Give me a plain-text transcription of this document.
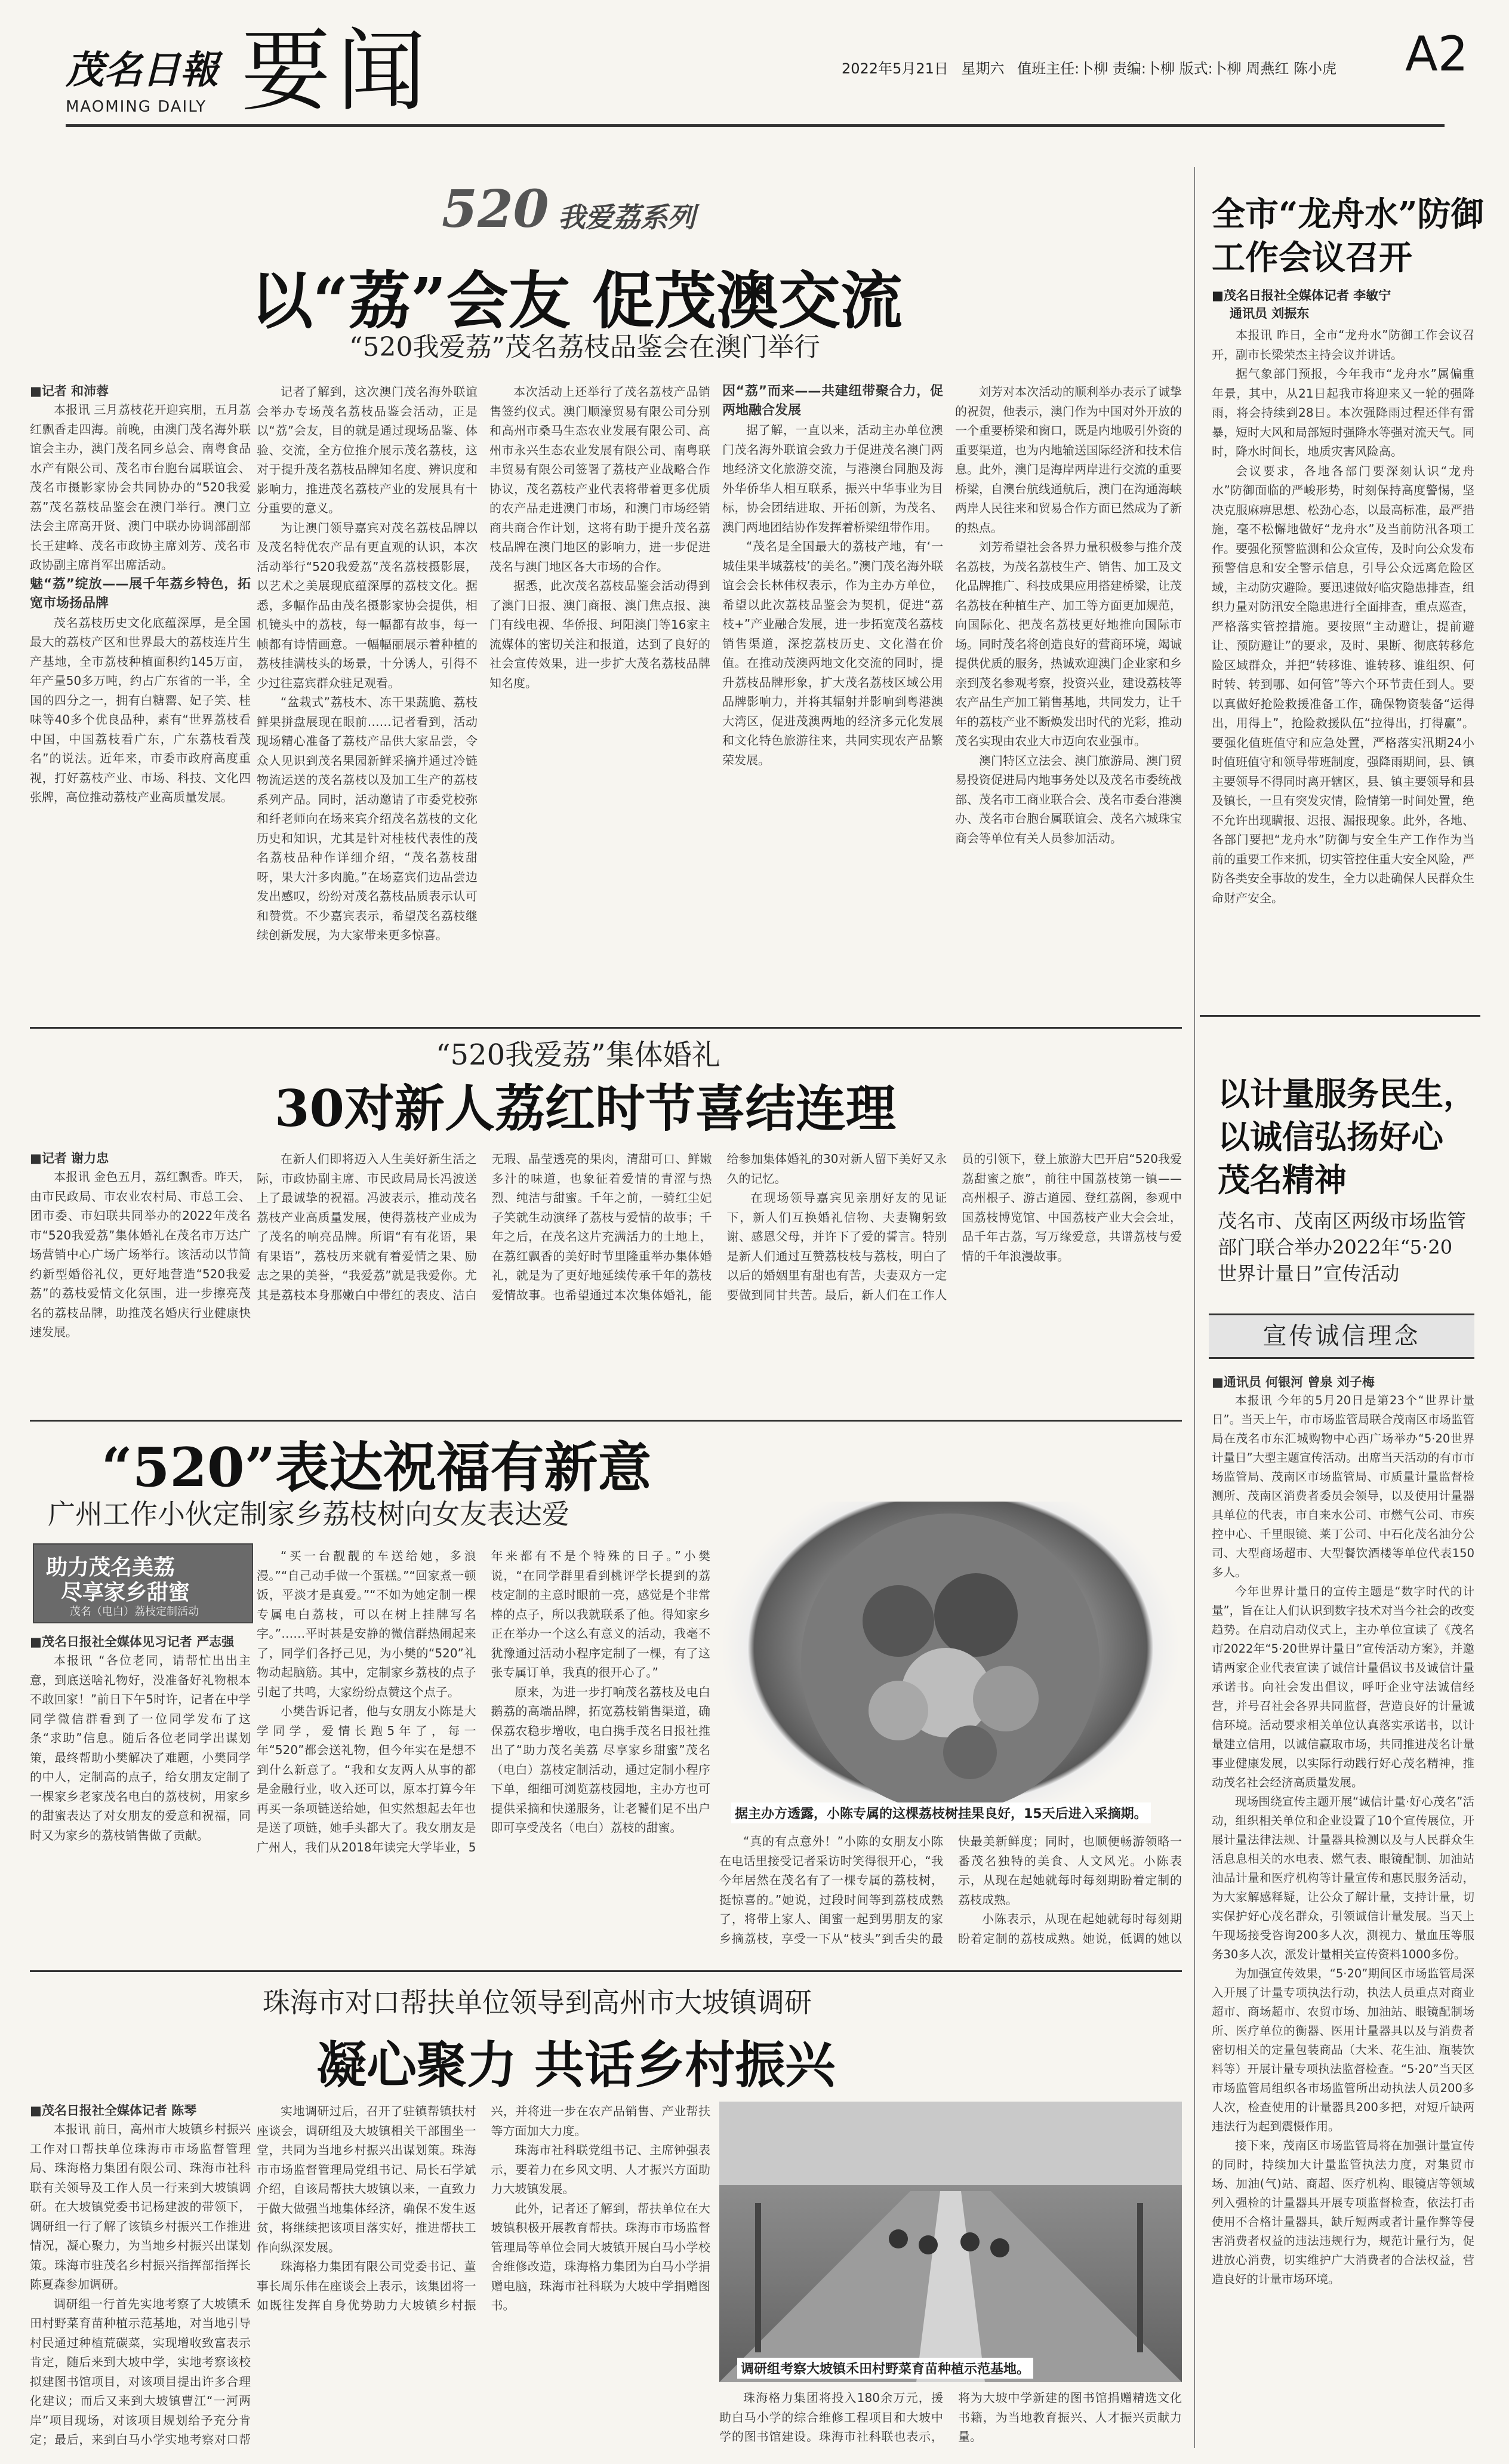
茂名日報
MAOMING DAILY 要闻	2022年5月21日 星期六 值班主任:卜柳 责编:卜柳 版式:卜柳 周燕红 陈小虎 A2
520 我爱荔系列
以“荔”会友 促茂澳交流
“520我爱荔”茂名荔枝品鉴会在澳门举行

■记者 和沛蓉

本报讯 三月荔枝花开迎宾朋，五月荔红飘香走四海。前晚，由澳门茂名海外联谊会主办，澳门茂名同乡总会、南粤食品水产有限公司、茂名市台胞台属联谊会、茂名市摄影家协会共同协办的“520我爱荔”茂名荔枝品鉴会在澳门举行。澳门立法会主席高开贤、澳门中联办协调部副部长王建峰、茂名市政协主席刘芳、茂名市政协副主席肖军出席活动。

魅“荔”绽放——展千年荔乡特色，拓宽市场扬品牌

茂名荔枝历史文化底蕴深厚，是全国最大的荔枝产区和世界最大的荔枝连片生产基地，全市荔枝种植面积约145万亩，年产量50多万吨，约占广东省的一半，全国的四分之一，拥有白糖罂、妃子笑、桂味等40多个优良品种，素有“世界荔枝看中国，中国荔枝看广东，广东荔枝看茂名”的说法。近年来，市委市政府高度重视，打好荔枝产业、市场、科技、文化四张牌，高位推动荔枝产业高质量发展。

记者了解到，这次澳门茂名海外联谊会举办专场茂名荔枝品鉴会活动，正是以“荔”会友，目的就是通过现场品鉴、体验、交流，全方位推介展示茂名荔枝，这对于提升茂名荔枝品牌知名度、辨识度和影响力，推进茂名荔枝产业的发展具有十分重要的意义。

为让澳门领导嘉宾对茂名荔枝品牌以及茂名特优农产品有更直观的认识，本次活动举行“520我爱荔”茂名荔枝摄影展，以艺术之美展现底蕴深厚的荔枝文化。据悉，多幅作品由茂名摄影家协会提供，相机镜头中的荔枝，每一幅都有故事，每一帧都有诗情画意。一幅幅丽展示着种植的荔枝挂满枝头的场景，十分诱人，引得不少过往嘉宾群众驻足观看。

“盆栽式”荔枝木、冻干果蔬脆、荔枝鲜果拼盘展现在眼前……记者看到，活动现场精心准备了荔枝产品供大家品尝，令众人见识到茂名果园新鲜采摘并通过冷链物流运送的茂名荔枝以及加工生产的荔枝系列产品。同时，活动邀请了市委党校弥和纤老师向在场来宾介绍茂名荔枝的文化历史和知识，尤其是针对桂枝代表性的茂名荔枝品种作详细介绍，“茂名荔枝甜呀，果大汁多肉脆。”在场嘉宾们边品尝边发出感叹，纷纷对茂名荔枝品质表示认可和赞赏。不少嘉宾表示，希望茂名荔枝继续创新发展，为大家带来更多惊喜。

本次活动上还举行了茂名荔枝产品销售签约仪式。澳门顺濠贸易有限公司分别和高州市桑马生态农业发展有限公司、高州市永兴生态农业发展有限公司、南粤联丰贸易有限公司签署了荔枝产业战略合作协议，茂名荔枝产业代表将带着更多优质的农产品走进澳门市场，和澳门市场经销商共商合作计划，这将有助于提升茂名荔枝品牌在澳门地区的影响力，进一步促进茂名与澳门地区各大市场的合作。

据悉，此次茂名荔枝品鉴会活动得到了澳门日报、澳门商报、澳门焦点报、澳门有线电视、华侨报、珂阳澳门等16家主流媒体的密切关注和报道，达到了良好的社会宣传效果，进一步扩大茂名荔枝品牌知名度。

因“荔”而来——共建纽带聚合力，促两地融合发展

据了解，一直以来，活动主办单位澳门茂名海外联谊会致力于促进茂名澳门两地经济文化旅游交流，与港澳台同胞及海外华侨华人相互联系，振兴中华事业为目标，协会团结进取、开拓创新，为茂名、澳门两地团结协作发挥着桥梁纽带作用。

“茂名是全国最大的荔枝产地，有‘一城佳果半城荔枝’的美名。”澳门茂名海外联谊会会长林伟权表示，作为主办方单位，希望以此次荔枝品鉴会为契机，促进“荔枝+”产业融合发展，进一步拓宽茂名荔枝销售渠道，深挖荔枝历史、文化潜在价值。在推动茂澳两地文化交流的同时，提升荔枝品牌形象，扩大茂名荔枝区域公用品牌影响力，并将其辐射并影响到粤港澳大湾区，促进茂澳两地的经济多元化发展和文化特色旅游往来，共同实现农产品繁荣发展。

刘芳对本次活动的顺利举办表示了诚挚的祝贺，他表示，澳门作为中国对外开放的一个重要桥梁和窗口，既是内地吸引外资的重要渠道，也为内地输送国际经济和技术信息。此外，澳门是海岸两岸进行交流的重要桥梁，自澳台航线通航后，澳门在沟通海峡两岸人民往来和贸易合作方面已然成为了新的热点。

刘芳希望社会各界力量积极参与推介茂名荔枝，为茂名荔枝生产、销售、加工及文化品牌推广、科技成果应用搭建桥梁，让茂名荔枝在种植生产、加工等方面更加规范，向国际化、把茂名荔枝更好地推向国际市场。同时茂名将创造良好的营商环境，竭诚提供优质的服务，热诚欢迎澳门企业家和乡亲到茂名参观考察，投资兴业，建设荔枝等农产品生产加工销售基地，共同发力，让千年的荔枝产业不断焕发出时代的光彩，推动茂名实现由农业大市迈向农业强市。

澳门特区立法会、澳门旅游局、澳门贸易投资促进局内地事务处以及茂名市委统战部、茂名市工商业联合会、茂名市委台港澳办、茂名市台胞台属联谊会、茂名六城珠宝商会等单位有关人员参加活动。

“520我爱荔”集体婚礼
30对新人荔红时节喜结连理

■记者 谢力忠

本报讯 金色五月，荔红飘香。昨天，由市民政局、市农业农村局、市总工会、团市委、市妇联共同举办的2022年茂名市“520我爱荔”集体婚礼在茂名市万达广场营销中心广场广场举行。该活动以节简约新型婚俗礼仪，更好地营造“520我爱荔”的荔枝爱情文化氛围，进一步擦亮茂名的荔枝品牌，助推茂名婚庆行业健康快速发展。

在新人们即将迈入人生美好新生活之际，市政协副主席、市民政局局长冯波送上了最诚挚的祝福。冯波表示，推动茂名荔枝产业高质量发展，使得荔枝产业成为了茂名的响亮品牌。所谓“有有花语，果有果语”，荔枝历来就有着爱情之果、励志之果的美誉，“我爱荔”就是我爱你。尤其是荔枝本身那嫩白中带红的表皮、洁白无瑕、晶莹透亮的果肉，清甜可口、鲜嫩多汁的味道，也象征着爱情的青涩与热烈、纯洁与甜蜜。千年之前，一骑红尘妃子笑就生动演绎了荔枝与爱情的故事；千年之后，在茂名这片充满活力的土地上，在荔红飘香的美好时节里隆重举办集体婚礼，就是为了更好地延续传承千年的荔枝爱情故事。也希望通过本次集体婚礼，能给参加集体婚礼的30对新人留下美好又永久的记忆。

在现场领导嘉宾见亲朋好友的见证下，新人们互换婚礼信物、夫妻鞠躬致谢、感恩父母，并许下了爱的誓言。特别是新人们通过互赞荔枝枝与荔枝，明白了以后的婚姻里有甜也有苦，夫妻双方一定要做到同甘共苦。最后，新人们在工作人员的引领下，登上旅游大巴开启“520我爱荔甜蜜之旅”，前往中国荔枝第一镇——高州根子、游古道园、登红荔阁，参观中国荔枝博览馆、中国荔枝产业大会会址，品千年古荔，写万缘爱意，共谱荔枝与爱情的千年浪漫故事。

“520”表达祝福有新意
广州工作小伙定制家乡荔枝树向女友表达爱
助力茂名美荔
尽享家乡甜蜜
茂名（电白）荔枝定制活动

■茂名日报社全媒体见习记者 严志强

本报讯 “各位老同，请帮忙出出主意，到底送啥礼物好，没准备好礼物根本不敢回家！”前日下午5时许，记者在中学同学微信群看到了一位同学发布了这条“求助”信息。随后各位老同学出谋划策，最终帮助小樊解决了难题，小樊同学的中人，定制高的点子，给女朋友定制了一棵家乡老家茂名电白的荔枝树，用家乡的甜蜜表达了对女朋友的爱意和祝福，同时又为家乡的荔枝销售做了贡献。

“买一台靓靓的车送给她，多浪漫。”“自己动手做一个蛋糕。”“回家煮一顿饭，平淡才是真爱。”“不如为她定制一棵专属电白荔枝，可以在树上挂牌写名字。”……平时甚是安静的微信群热闹起来了，同学们各抒己见，为小樊的“520”礼物动起脑筋。其中，定制家乡荔枝的点子引起了共鸣，大家纷纷点赞这个点子。

小樊告诉记者，他与女朋友小陈是大学同学，爱情长跑5年了，每一年“520”都会送礼物，但今年实在是想不到什么新意了。“我和女友两人从事的都是金融行业，收入还可以，原本打算今年再买一条项链送给她，但实然想起去年也是送了项链，她手头都大了。我女朋友是广州人，我们从2018年读完大学毕业，5年来都有不是个特殊的日子。”小樊说，“在同学群里看到桃评学长提到的荔枝定制的主意时眼前一亮，感觉是个非常棒的点子，所以我就联系了他。得知家乡正在举办一个这么有意义的活动，我毫不犹豫通过活动小程序定制了一棵，有了这张专属订单，我真的很开心了。”

原来，为进一步打响茂名荔枝及电白鹅荔的高端品牌，拓宽荔枝销售渠道，确保荔农稳步增收，电白携手茂名日报社推出了“助力茂名美荔 尽享家乡甜蜜”茂名（电白）荔枝定制活动，通过定制小程序下单，细细可浏览荔枝园地，主办方也可提供采摘和快递服务，让老饕们足不出户即可享受茂名（电白）荔枝的甜蜜。

据主办方透露，小陈专属的这棵荔枝树挂果良好，15天后进入采摘期。

“真的有点意外！”小陈的女朋友小陈在电话里接受记者采访时笑得很开心，“我今年居然在茂名有了一棵专属的荔枝树，挺惊喜的。”她说，过段时间等到荔枝成熟了，将带上家人、闺蜜一起到男朋友的家乡摘荔枝，享受一下从“枝头”到舌尖的最快最美新鲜度；同时，也顺便畅游领略一番茂名独特的美食、人文风光。小陈表示，从现在起她就每时每刻期盼着定制的荔枝成熟。

小陈表示，从现在起她就每时每刻期盼着定制的荔枝成熟。她说，低调的她以

珠海市对口帮扶单位领导到高州市大坡镇调研
凝心聚力 共话乡村振兴

■茂名日报社全媒体记者 陈琴

本报讯 前日，高州市大坡镇乡村振兴工作对口帮扶单位珠海市市场监督管理局、珠海格力集团有限公司、珠海市社科联有关领导及工作人员一行来到大坡镇调研。在大坡镇党委书记杨建波的带领下，调研组一行了解了该镇乡村振兴工作推进情况，凝心聚力，为当地乡村振兴出谋划策。珠海市驻茂名乡村振兴指挥部指挥长陈夏森参加调研。

调研组一行首先实地考察了大坡镇禾田村野菜育苗种植示范基地，对当地引导村民通过种植荒碳菜，实现增收致富表示肯定，随后来到大坡中学，实地考察该校拟建图书馆项目，对该项目提出许多合理化建议；而后又来到大坡镇曹江“一河两岸”项目现场，对该项目规划给予充分肯定；最后，来到白马小学实地考察对口帮

实地调研过后，召开了驻镇帮镇扶村座谈会，调研组及大坡镇相关干部围坐一堂，共同为当地乡村振兴出谋划策。珠海市市场监督管理局党组书记、局长石学斌介绍，自该局帮扶大坡镇以来，一直致力于做大做强当地集体经济，确保不发生返贫，将继续把该项目落实好，推进帮扶工作向纵深发展。

珠海格力集团有限公司党委书记、董事长周乐伟在座谈会上表示，该集团将一如既往发挥自身优势助力大坡镇乡村振兴，并将进一步在农产品销售、产业帮扶等方面加大力度。

珠海市社科联党组书记、主席钟强表示，要着力在乡风文明、人才振兴方面助力大坡镇发展。

此外，记者还了解到，帮扶单位在大坡镇积极开展教育帮扶。珠海市市场监督管理局等单位会同大坡镇开展白马小学校舍维修改造，珠海格力集团为白马小学捐赠电脑，珠海市社科联为大坡中学捐赠图书。

调研组考察大坡镇禾田村野菜育苗种植示范基地。

珠海格力集团将投入180余万元，援助白马小学的综合维修工程项目和大坡中学的图书馆建设。珠海市社科联也表示，将为大坡中学新建的图书馆捐赠精选文化书籍，为当地教育振兴、人才振兴贡献力量。

全市“龙舟水”防御
工作会议召开
■茂名日报社全媒体记者 李敏宁
通讯员 刘振东

本报讯 昨日，全市“龙舟水”防御工作会议召开，副市长梁荣杰主持会议并讲话。

据气象部门预报，今年我市“龙舟水”属偏重年景，其中，从21日起我市将迎来又一轮的强降雨，将会持续到28日。本次强降雨过程还伴有雷暴，短时大风和局部短时强降水等强对流天气。同时，降水时间长，地质灾害风险高。

会议要求，各地各部门要深刻认识“龙舟水”防御面临的严峻形势，时刻保持高度警惕，坚决克服麻痹思想、松劲心态，以最高标准，最严措施，毫不松懈地做好“龙舟水”及当前防汛各项工作。要强化预警监测和公众宣传，及时向公众发布预警信息和安全警示信息，引导公众远离危险区域，主动防灾避险。要迅速做好临灾隐患排查，组织力量对防汛安全隐患进行全面排查，重点巡查，严格落实管控措施。要按照“主动避让，提前避让、预防避让”的要求，及时、果断、彻底转移危险区域群众，并把“转移谁、谁转移、谁组织、何时转、转到哪、如何管”等六个环节责任到人。要以真做好抢险救援准备工作，确保物资装备“运得出，用得上”，抢险救援队伍“拉得出，打得赢”。要强化值班值守和应急处置，严格落实汛期24小时值班值守和领导带班制度，强降雨期间，县、镇主要领导不得同时离开辖区，县、镇主要领导和县及镇长，一旦有突发灾情，险情第一时间处置，绝不允许出现瞒报、迟报、漏报现象。此外，各地、各部门要把“龙舟水”防御与安全生产工作作为当前的重要工作来抓，切实管控住重大安全风险，严防各类安全事故的发生，全力以赴确保人民群众生命财产安全。

以计量服务民生，
以诚信弘扬好心
茂名精神
茂名市、茂南区两级市场监管
部门联合举办2022年“5·20
世界计量日”宣传活动
宣传诚信理念

■通讯员 何银河 曾泉 刘子梅

本报讯 今年的5月20日是第23个“世界计量日”。当天上午，市市场监管局联合茂南区市场监管局在茂名市东汇城购物中心西广场举办“5·20世界计量日”大型主题宣传活动。出席当天活动的有市市场监管局、茂南区市场监管局、市质量计量监督检测所、茂南区消费者委员会领导，以及使用计量器具单位的代表，市自来水公司、市燃气公司、市疾控中心、千里眼镜、莱丁公司、中石化茂名油分公司、大型商场超市、大型餐饮酒楼等单位代表150多人。

今年世界计量日的宣传主题是“数字时代的计量”，旨在让人们认识到数字技术对当今社会的改变趋势。在启动启动仪式上，主办单位宣读了《茂名市2022年“5·20世界计量日”宣传活动方案》，并邀请两家企业代表宣读了诚信计量倡议书及诚信计量承诺书。向社会发出倡议，呼吁企业守法诚信经营，并号召社会各界共同监督，营造良好的计量诚信环境。活动要求相关单位认真落实承诺书，以计量建立信用，以诚信赢取市场，共同推进茂名计量事业健康发展，以实际行动践行好心茂名精神，推动茂名社会经济高质量发展。

现场围绕宣传主题开展“诚信计量·好心茂名”活动，组织相关单位和企业设置了10个宣传展位，开展计量法律法规、计量器具检测以及与人民群众生活息息相关的水电表、燃气表、眼镜配制、加油站油品计量和医疗机构等计量宣传和惠民服务活动，为大家解感释疑，让公众了解计量，支持计量，切实保护好心茂名群众，引领诚信计量发展。当天上午现场接受咨询200多人次，测视力、量血压等服务30多人次，派发计量相关宣传资料1000多份。

为加强宣传效果，“5·20”期间区市场监管局深入开展了计量专项执法行动，执法人员重点对商业超市、商场超市、农贸市场、加油站、眼镜配制场所、医疗单位的衡器、医用计量器具以及与消费者密切相关的定量包装商品（大米、花生油、瓶装饮料等）开展计量专项执法监督检查。“5·20”当天区市场监管局组织各市场监管所出动执法人员200多人次，检查使用的计量器具200多把，对短斤缺两违法行为起到震慑作用。

接下来，茂南区市场监管局将在加强计量宣传的同时，持续加大计量监管执法力度，对集贸市场、加油(气)站、商超、医疗机构、眼镜店等领域列入强检的计量器具开展专项监督检查，依法打击使用不合格计量器具，缺斤短两或者计量作弊等侵害消费者权益的违法违规行为，规范计量行为，促进放心消费，切实维护广大消费者的合法权益，营造良好的计量市场环境。
